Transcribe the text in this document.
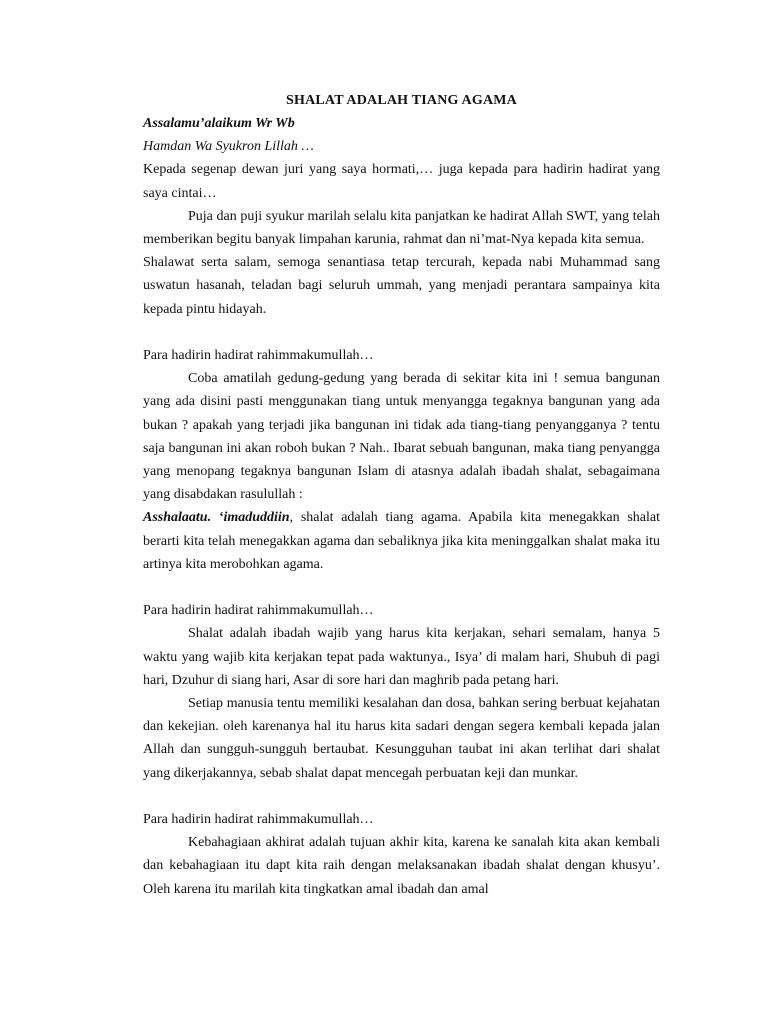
SHALAT ADALAH TIANG AGAMA

Assalamu’alaikum Wr Wb

Hamdan Wa Syukron Lillah …

Kepada segenap dewan juri yang saya hormati,… juga kepada para hadirin hadirat yang saya cintai…

Puja dan puji syukur marilah selalu kita panjatkan ke hadirat Allah SWT, yang telah memberikan begitu banyak limpahan karunia, rahmat dan ni’mat-Nya kepada kita semua.

Shalawat serta salam, semoga senantiasa tetap tercurah, kepada nabi Muhammad sang uswatun hasanah, teladan bagi seluruh ummah, yang menjadi perantara sampainya kita kepada pintu hidayah.

Para hadirin hadirat rahimmakumullah…

Coba amatilah gedung-gedung yang berada di sekitar kita ini ! semua bangunan yang ada disini pasti menggunakan tiang untuk menyangga tegaknya bangunan yang ada bukan ? apakah yang terjadi jika bangunan ini tidak ada tiang-tiang penyangganya ? tentu saja bangunan ini akan roboh bukan ? Nah.. Ibarat sebuah bangunan, maka tiang penyangga yang menopang tegaknya bangunan Islam di atasnya adalah ibadah shalat, sebagaimana yang disabdakan rasulullah :

Asshalaatu. ‘imaduddiin, shalat adalah tiang agama. Apabila kita menegakkan shalat berarti kita telah menegakkan agama dan sebaliknya jika kita meninggalkan shalat maka itu artinya kita merobohkan agama.

Para hadirin hadirat rahimmakumullah…

Shalat adalah ibadah wajib yang harus kita kerjakan, sehari semalam, hanya 5 waktu yang wajib kita kerjakan tepat pada waktunya., Isya’ di malam hari, Shubuh di pagi hari, Dzuhur di siang hari, Asar di sore hari dan maghrib pada petang hari.

Setiap manusia tentu memiliki kesalahan dan dosa, bahkan sering berbuat kejahatan dan kekejian. oleh karenanya hal itu harus kita sadari dengan segera kembali kepada jalan Allah dan sungguh-sungguh bertaubat. Kesungguhan taubat ini akan terlihat dari shalat yang dikerjakannya, sebab shalat dapat mencegah perbuatan keji dan munkar.

Para hadirin hadirat rahimmakumullah…

Kebahagiaan akhirat adalah tujuan akhir kita, karena ke sanalah kita akan kembali dan kebahagiaan itu dapt kita raih dengan melaksanakan ibadah shalat dengan khusyu’. Oleh karena itu marilah kita tingkatkan amal ibadah dan amal
